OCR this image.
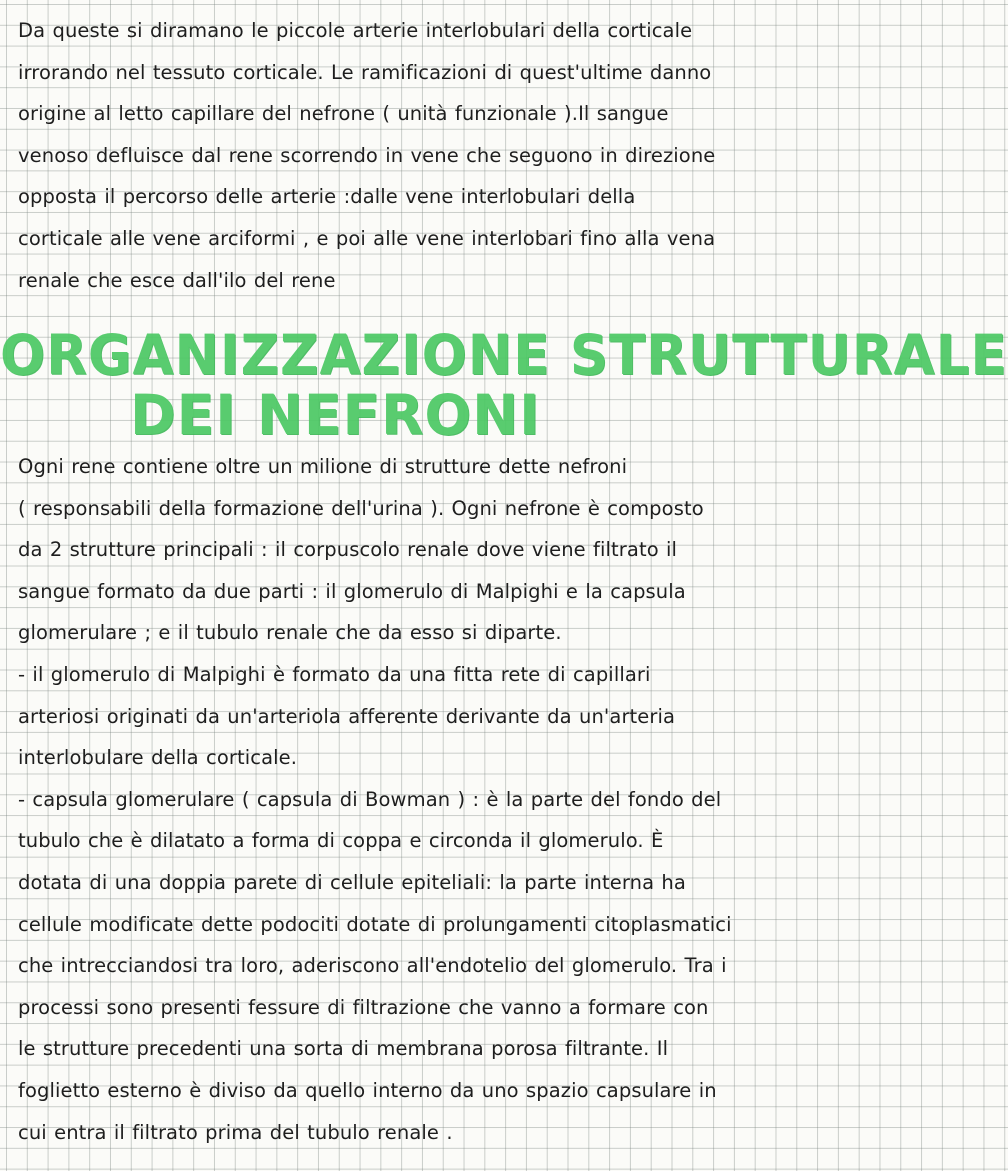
Da queste si diramano le piccole arterie interlobulari della corticale
irrorando nel tessuto corticale. Le ramificazioni di quest'ultime danno
origine al letto capillare del nefrone ( unità funzionale ).Il sangue
venoso defluisce dal rene scorrendo in vene che seguono in direzione
opposta il percorso delle arterie :dalle vene interlobulari della
corticale alle vene arciformi , e poi alle vene interlobari fino alla vena
renale che esce dall'ilo del rene

ORGANIZZAZIONE STRUTTURALE
DEI NEFRONI

Ogni rene contiene oltre un milione di strutture dette nefroni
( responsabili della formazione dell'urina ). Ogni nefrone è composto
da 2 strutture principali : il corpuscolo renale dove viene filtrato il
sangue formato da due parti : il glomerulo di Malpighi e la capsula
glomerulare ; e il tubulo renale che da esso si diparte.
- il glomerulo di Malpighi è formato da una fitta rete di capillari
arteriosi originati da un'arteriola afferente derivante da un'arteria
interlobulare della corticale.
- capsula glomerulare ( capsula di Bowman ) : è la parte del fondo del
tubulo che è dilatato a forma di coppa e circonda il glomerulo. È
dotata di una doppia parete di cellule epiteliali: la parte interna ha
cellule modificate dette podociti dotate di prolungamenti citoplasmatici
che intrecciandosi tra loro, aderiscono all'endotelio del glomerulo. Tra i
processi sono presenti fessure di filtrazione che vanno a formare con
le strutture precedenti una sorta di membrana porosa filtrante. Il
foglietto esterno è diviso da quello interno da uno spazio capsulare in
cui entra il filtrato prima del tubulo renale .
